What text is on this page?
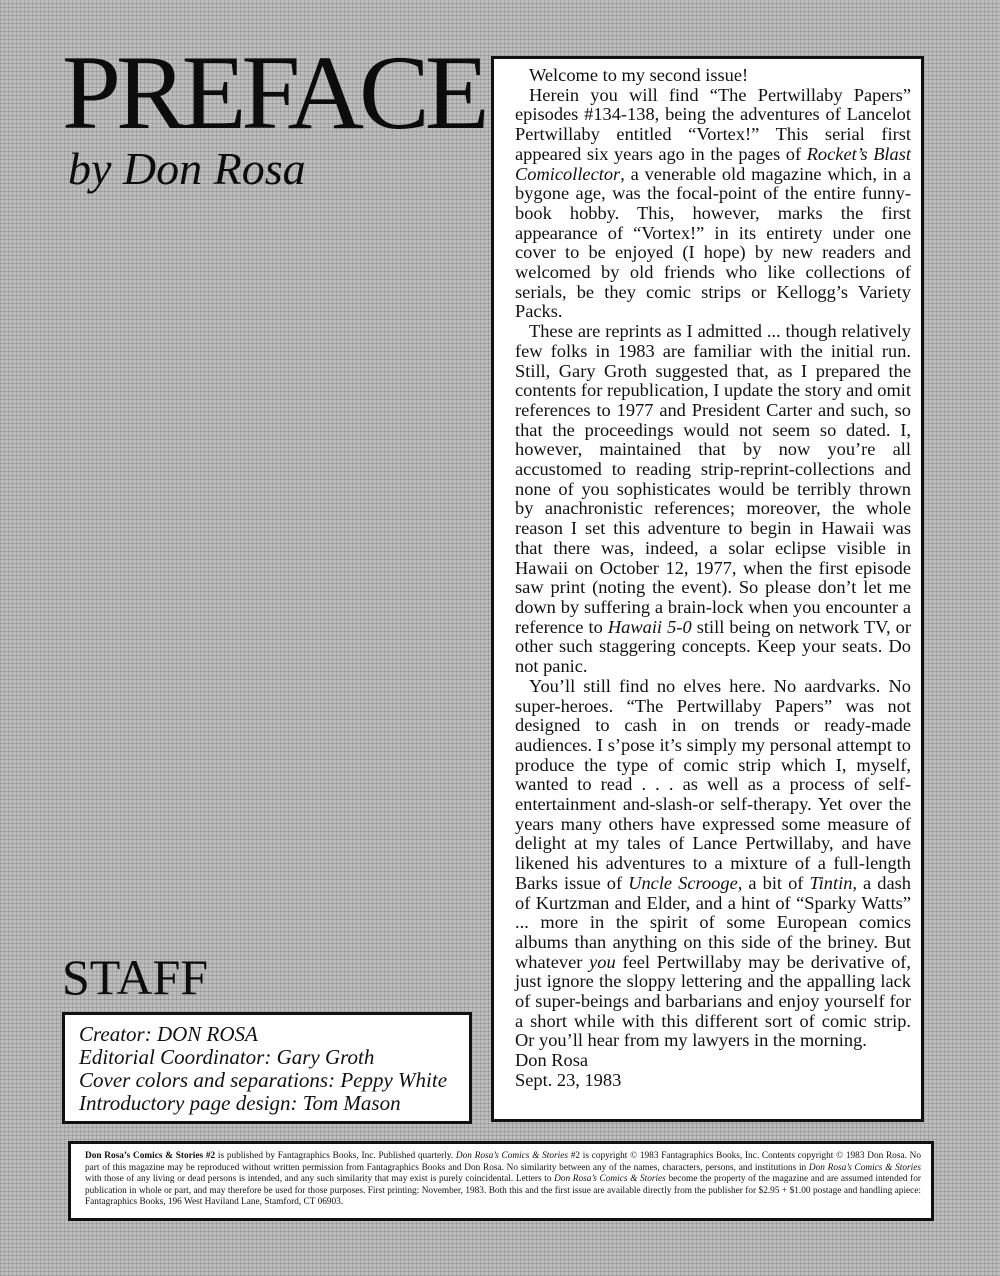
PREFACE
by Don Rosa

Welcome to my second issue!

Herein you will find “The Pertwillaby Papers” episodes #134-138, being the adventures of Lancelot Pertwillaby entitled “Vortex!” This serial first appeared six years ago in the pages of Rocket’s Blast Comicollector, a venerable old magazine which, in a bygone age, was the focal-point of the entire funny-book hobby. This, however, marks the first appearance of “Vortex!” in its entirety under one cover to be enjoyed (I hope) by new readers and welcomed by old friends who like collections of serials, be they comic strips or Kellogg’s Variety Packs.

These are reprints as I admitted ... though relatively few folks in 1983 are familiar with the initial run. Still, Gary Groth suggested that, as I prepared the contents for republication, I update the story and omit references to 1977 and President Carter and such, so that the proceedings would not seem so dated. I, however, maintained that by now you’re all accustomed to reading strip-reprint-collections and none of you sophisticates would be terribly thrown by anachronistic references; moreover, the whole reason I set this adventure to begin in Hawaii was that there was, indeed, a solar eclipse visible in Hawaii on October 12, 1977, when the first episode saw print (noting the event). So please don’t let me down by suffering a brain-lock when you encounter a reference to Hawaii 5-0 still being on network TV, or other such staggering concepts. Keep your seats. Do not panic.

You’ll still find no elves here. No aardvarks. No super-heroes. “The Pertwillaby Papers” was not designed to cash in on trends or ready-made audiences. I s’pose it’s simply my personal attempt to produce the type of comic strip which I, myself, wanted to read . . . as well as a process of self-entertainment and-slash-or self-therapy. Yet over the years many others have expressed some measure of delight at my tales of Lance Pertwillaby, and have likened his adventures to a mixture of a full-length Barks issue of Uncle Scrooge, a bit of Tintin, a dash of Kurtzman and Elder, and a hint of “Sparky Watts” ... more in the spirit of some European comics albums than anything on this side of the briney. But whatever you feel Pertwillaby may be derivative of, just ignore the sloppy lettering and the appalling lack of super-beings and barbarians and enjoy yourself for a short while with this different sort of comic strip. Or you’ll hear from my lawyers in the morning.

Don Rosa

Sept. 23, 1983

STAFF
Creator: DON ROSA
Editorial Coordinator: Gary Groth
Cover colors and separations: Peppy White
Introductory page design: Tom Mason
Don Rosa’s Comics & Stories #2 is published by Fantagraphics Books, Inc. Published quarterly. Don Rosa’s Comics & Stories #2 is copyright © 1983 Fantagraphics Books, Inc. Contents copyright © 1983 Don Rosa. No part of this magazine may be reproduced without written permission from Fantagraphics Books and Don Rosa. No similarity between any of the names, characters, persons, and institutions in Don Rosa’s Comics & Stories with those of any living or dead persons is intended, and any such similarity that may exist is purely coincidental. Letters to Don Rosa’s Comics & Stories become the property of the magazine and are assumed intended for publication in whole or part, and may therefore be used for those purposes. First printing: November, 1983. Both this and the first issue are available directly from the publisher for $2.95 + $1.00 postage and handling apiece: Fantagraphics Books, 196 West Haviland Lane, Stamford, CT 06903.
